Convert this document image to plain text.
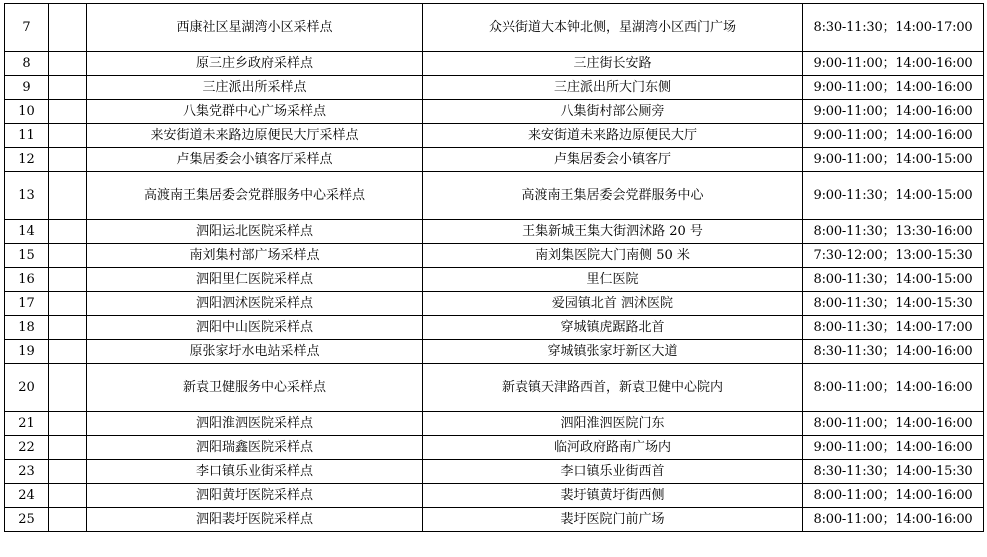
7		西康社区星湖湾小区采样点	众兴街道大本钟北侧，星湖湾小区西门广场	8:30-11:30；14:00-17:00
8		原三庄乡政府采样点	三庄街长安路	9:00-11:00；14:00-16:00
9		三庄派出所采样点	三庄派出所大门东侧	9:00-11:00；14:00-16:00
10		八集党群中心广场采样点	八集街村部公厕旁	9:00-11:00；14:00-16:00
11		来安街道未来路边原便民大厅采样点	来安街道未来路边原便民大厅	9:00-11:00；14:00-16:00
12		卢集居委会小镇客厅采样点	卢集居委会小镇客厅	9:00-11:00；14:00-15:00
13		高渡南王集居委会党群服务中心采样点	高渡南王集居委会党群服务中心	9:00-11:30；14:00-15:00
14		泗阳运北医院采样点	王集新城王集大街泗沭路 20 号	8:00-11:30；13:30-16:00
15		南刘集村部广场采样点	南刘集医院大门南侧 50 米	7:30-12:00；13:00-15:30
16		泗阳里仁医院采样点	里仁医院	8:00-11:30；14:00-15:00
17		泗阳泗沭医院采样点	爱园镇北首 泗沭医院	8:00-11:30；14:00-15:30
18		泗阳中山医院采样点	穿城镇虎踞路北首	8:00-11:30；14:00-17:00
19		原张家圩水电站采样点	穿城镇张家圩新区大道	8:30-11:30；14:00-16:00
20		新袁卫健服务中心采样点	新袁镇天津路西首，新袁卫健中心院内	8:00-11:00；14:00-16:00
21		泗阳淮泗医院采样点	泗阳淮泗医院门东	8:00-11:00；14:00-16:00
22		泗阳瑞鑫医院采样点	临河政府路南广场内	9:00-11:00；14:00-16:00
23		李口镇乐业街采样点	李口镇乐业街西首	8:30-11:30；14:00-15:30
24		泗阳黄圩医院采样点	裴圩镇黄圩街西侧	8:00-11:00；14:00-16:00
25		泗阳裴圩医院采样点	裴圩医院门前广场	8:00-11:00；14:00-16:00
